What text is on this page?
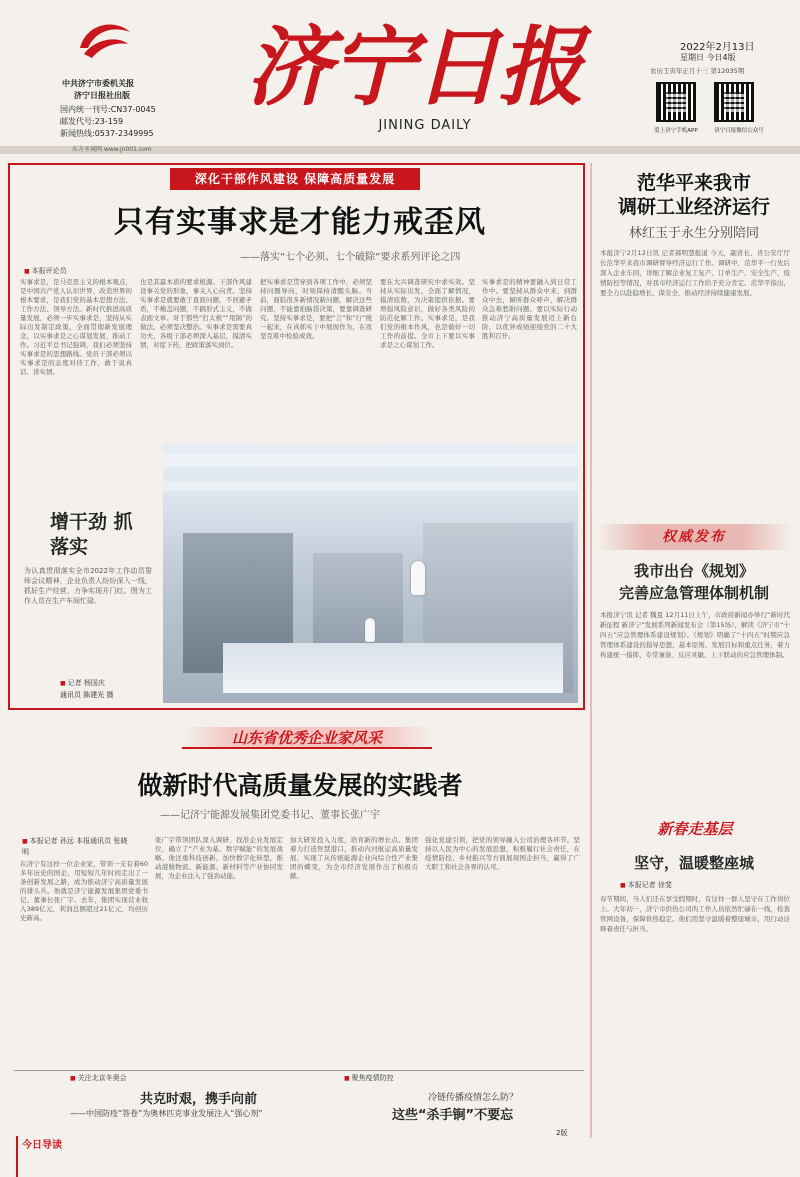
中共济宁市委机关报
济宁日报社出版
国内统一刊号:CN37-0045
邮发代号:23-159
新闻热线:0537-2349995
济宁日报
JINING DAILY
2022年2月13日
星期日 今日4版
农历壬寅年正月十三 第12035期
爱上济宁手机APP	济宁日报微信公众号
东方圣城网 www.jn001.com
深化干部作风建设 保障高质量发展
只有实事求是才能力戒歪风
——落实“七个必须、七个破除”要求系列评论之四
■ 本报评论员
实事求是，是马克思主义的根本观点，是中国共产党人认识世界、改造世界的根本要求，是我们党的基本思想方法、工作方法、领导方法。新时代推进高质量发展，必须一步实事求是，坚持从实际出发制定政策，全面贯彻新发展理念，以实事求是之心谋划发展、推动工作。习近平总书记强调，我们必须坚持实事求是的思想路线。党员干部必须以实事求是的态度对待工作，敢于说真话、讲实情。
也是其最本质的要求根源。干部作风建设事关党的形象，事关人心向背。坚持实事求是就要敢于直面问题，不回避矛盾，不掩盖问题，不搞形式主义，不做表面文章。对于那些“打太极”“甩锅”的做法，必须坚决整治。实事求是需要真功夫，各级干部必须深入基层，摸清实情，对症下药，把政策落实到位。
把实事求是贯穿到各项工作中，必须坚持问题导向，时刻保持清醒头脑。当前，面临很多新情况新问题，解决这些问题，不能靠拍脑袋决策，要靠调查研究。坚持实事求是，要把“言”和“行”统一起来，在真抓实干中展现作为，在攻坚克难中检验成效。
要在大兴调查研究中求实效。坚持从实际出发，全面了解情况，摸清底数，为决策提供依据。要增强风险意识，做好各类风险的防范化解工作。实事求是，是我们党的根本作风，也是做好一切工作的前提。全市上下要以实事求是之心谋划工作。
实事求是的精神要融入到日常工作中。要坚持从群众中来、到群众中去，倾听群众呼声，解决群众急难愁盼问题。要以实际行动推动济宁高质量发展迈上新台阶，以优异成绩迎接党的二十大胜利召开。
增干劲 抓落实
为认真贯彻落实全市2022年工作动员誓师会议精神，企业负责人纷纷深入一线，抓好生产经营，力争实现开门红。图为工作人员在生产车间忙碌。
■ 记者 杨国庆
通讯员 陈建光 摄
山东省优秀企业家风采
做新时代高质量发展的实践者
——记济宁能源发展集团党委书记、董事长张广宇
■ 本报记者 孙远 本报通讯员 张晓明
在济宁有这样一位企业家，带领一支有着60多年历史的国企，用短短几年时间走出了一条创新发展之路，成为推动济宁高质量发展的排头兵。他就是济宁能源发展集团党委书记、董事长张广宇。去年，集团实现营业收入389亿元，利润总额超过21亿元，均创历史新高。
张广宇带领团队深入调研，找准企业发展定位，确立了“产业为基、数字赋能”的发展战略。他注重科技创新，加快数字化转型，推动港航物流、新能源、新材料等产业协同发展，为企业注入了强劲动能。
加大研发投入力度，培育新的增长点。集团着力打造智慧港口，推动内河航运高质量发展，实现了从传统能源企业向综合性产业集团的蝶变，为全市经济发展作出了积极贡献。
强化党建引领，把党的领导融入公司治理各环节。坚持以人民为中心的发展思想，积极履行社会责任，在疫情防控、乡村振兴等方面展现国企担当，赢得了广大职工和社会各界的认可。
■ 关注北京冬奥会
共克时艰，携手向前
——中国防疫“答卷”为奥林匹克事业发展注入“强心剂”
■ 聚焦疫情防控
冷链传播疫情怎么防？
这些“杀手锏”不要忘
2版
范华平来我市
调研工业经济运行
林红玉于永生分别陪同
本报济宁2月12日讯 记者郝明慧报道 今天，副省长、省公安厅厅长范华平来我市调研督导经济运行工作。调研中，范华平一行先后深入企业车间，详细了解企业复工复产、订单生产、安全生产、疫情防控等情况，对我市经济运行工作给予充分肯定。范华平指出，要全力以赴稳增长、保安全，推动经济持续健康发展。
权威发布
我市出台《规划》
完善应急管理体制机制
本报济宁讯 记者 魏夏 12月11日上午，市政府新闻办举行“新时代 新征程 新济宁”发展系列新闻发布会（第15场），解读《济宁市“十四五”应急管理体系建设规划》。《规划》明确了“十四五”时期应急管理体系建设的指导思想、基本原则、发展目标和重点任务，着力构建统一指挥、专常兼备、反应灵敏、上下联动的应急管理体制。
新春走基层
坚守，温暖整座城
■ 本报记者 徐斐
春节期间，当人们还在享受假期时，有这样一群人坚守在工作岗位上。大年初一，济宁市供热公司的工作人员依然忙碌在一线，检查管网设备，保障供热稳定。他们用坚守温暖着整座城市，用行动诠释着责任与担当。
今日导读
